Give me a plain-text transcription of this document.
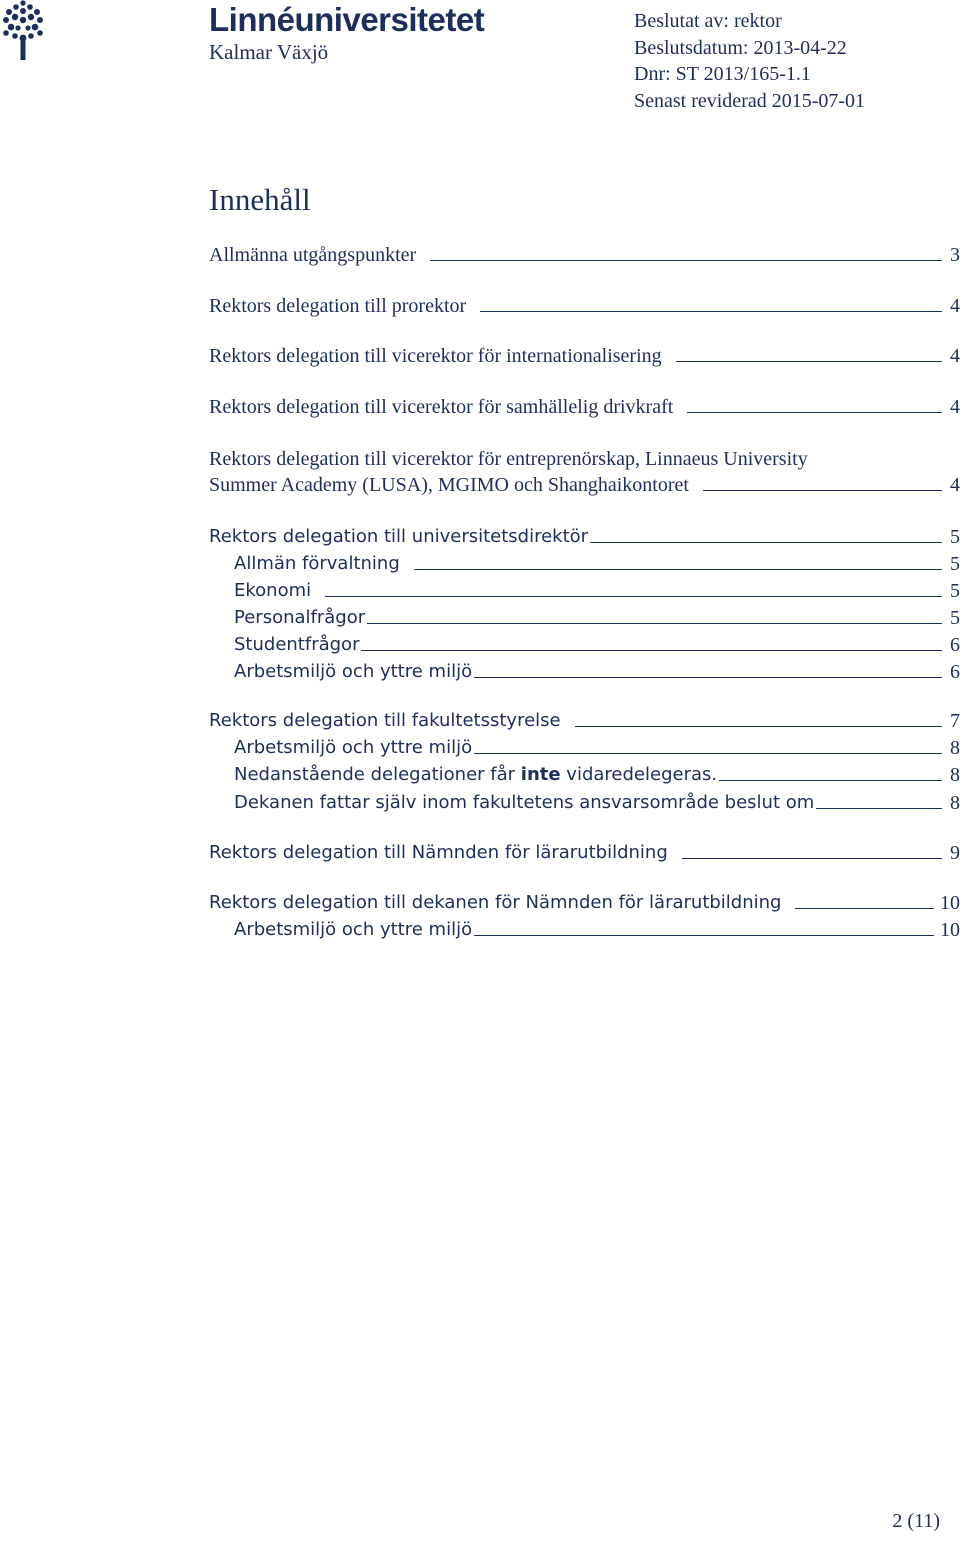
Linnéuniversitetet
Kalmar Växjö
Beslutat av: rektor
Beslutsdatum: 2013-04-22
Dnr: ST 2013/165-1.1
Senast reviderad 2015-07-01
Innehåll
Allmänna utgångspunkter	3
Rektors delegation till prorektor	4
Rektors delegation till vicerektor för internationalisering	4
Rektors delegation till vicerektor för samhällelig drivkraft	4
Rektors delegation till vicerektor för entreprenörskap, Linnaeus University
Summer Academy (LUSA), MGIMO och Shanghaikontoret	4
Rektors delegation till universitetsdirektör	5
Allmän förvaltning	5
Ekonomi	5
Personalfrågor	5
Studentfrågor	6
Arbetsmiljö och yttre miljö	6
Rektors delegation till fakultetsstyrelse	7
Arbetsmiljö och yttre miljö	8
Nedanstående delegationer får inte vidaredelegeras.	8
Dekanen fattar själv inom fakultetens ansvarsområde beslut om	8
Rektors delegation till Nämnden för lärarutbildning	9
Rektors delegation till dekanen för Nämnden för lärarutbildning	10
Arbetsmiljö och yttre miljö	10
2 (11)
